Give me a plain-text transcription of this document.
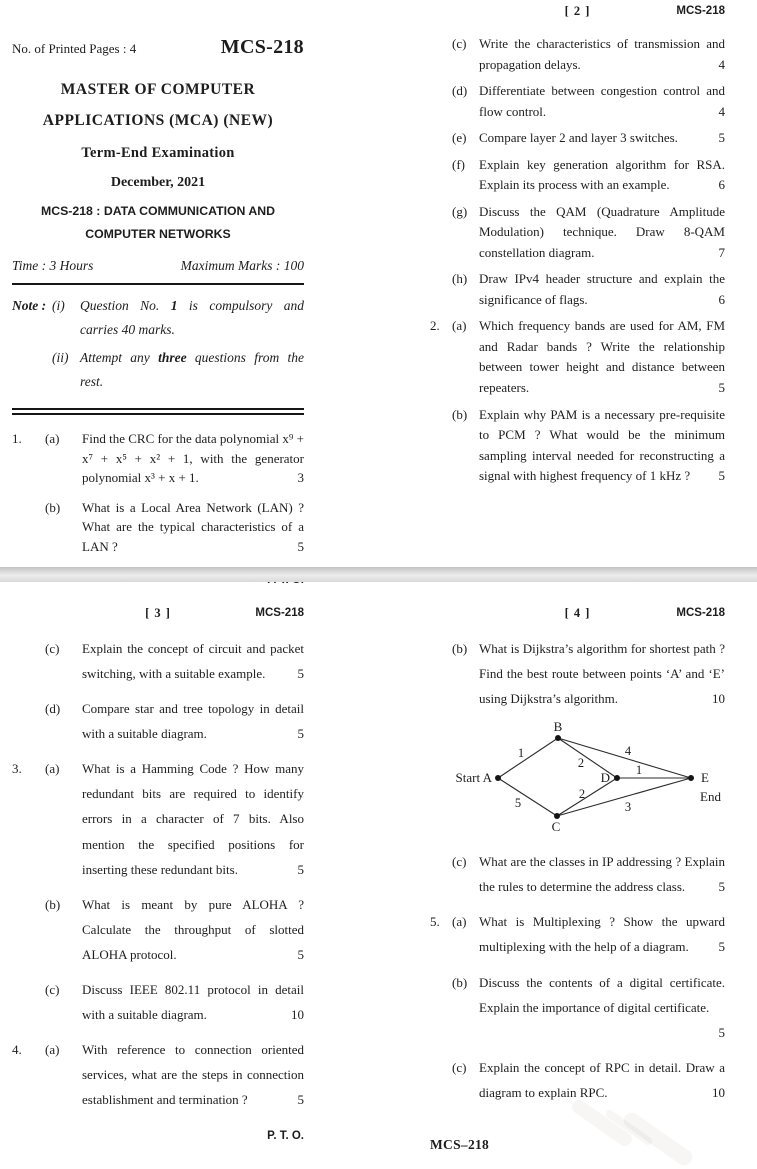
No. of Printed Pages : 4	MCS-218
MASTER OF COMPUTER
APPLICATIONS (MCA) (NEW)
Term-End Examination
December, 2021
MCS-218 : DATA COMMUNICATION AND
COMPUTER NETWORKS
Time : 3 Hours	Maximum Marks : 100
Note : (i)	Question No. 1 is compulsory and carries 40 marks.
(ii) Attempt any three questions from the rest.
1.	(a)	Find the CRC for the data polynomial x⁹ + x⁷ + x⁵ + x² + 1, with the generator polynomial x³ + x + 1.	3
(b)	What is a Local Area Network (LAN) ? What are the typical characteristics of a LAN ?	5
[ 2 ]	MCS-218
(c) Write the characteristics of transmission and propagation delays.	4
(d) Differentiate between congestion control and flow control.	4
(e) Compare layer 2 and layer 3 switches.	5
(f)	Explain key generation algorithm for RSA. Explain its process with an example.	6
(g) Discuss the QAM (Quadrature Amplitude Modulation) technique. Draw 8-QAM constellation diagram.	7
(h) Draw IPv4 header structure and explain the significance of flags.	6
2. (a) Which frequency bands are used for AM, FM and Radar bands ? Write the relationship between tower height and distance between repeaters.	5
(b) Explain why PAM is a necessary pre-requisite to PCM ? What would be the minimum sampling interval needed for reconstructing a signal with highest frequency of 1 kHz ?	5
[ 3 ]	MCS-218
(c)	Explain the concept of circuit and packet switching, with a suitable example.	5
(d)	Compare star and tree topology in detail with a suitable diagram.	5
3.	(a)	What is a Hamming Code ? How many redundant bits are required to identify errors in a character of 7 bits. Also mention the specified positions for inserting these redundant bits.	5
(b)	What is meant by pure ALOHA ? Calculate the throughput of slotted ALOHA protocol.	5
(c)	Discuss IEEE 802.11 protocol in detail with a suitable diagram.	10
4.	(a)	With reference to connection oriented services, what are the steps in connection establishment and termination ?	5
P. T. O.
[ 4 ]	MCS-218
(b) What is Dijkstra’s algorithm for shortest path ? Find the best route between points ‘A’ and ‘E’ using Dijkstra’s algorithm.	10
1
5
2
4
2
3
1
Start A
B
C
D	E
End
(c) What are the classes in IP addressing ? Explain the rules to determine the address class.	5
5. (a) What is Multiplexing ? Show the upward multiplexing with the help of a diagram.	5
(b) Discuss the contents of a digital certificate. Explain the importance of digital certificate.
5
(c) Explain the concept of RPC in detail. Draw a diagram to explain RPC.	10
MCS–218
